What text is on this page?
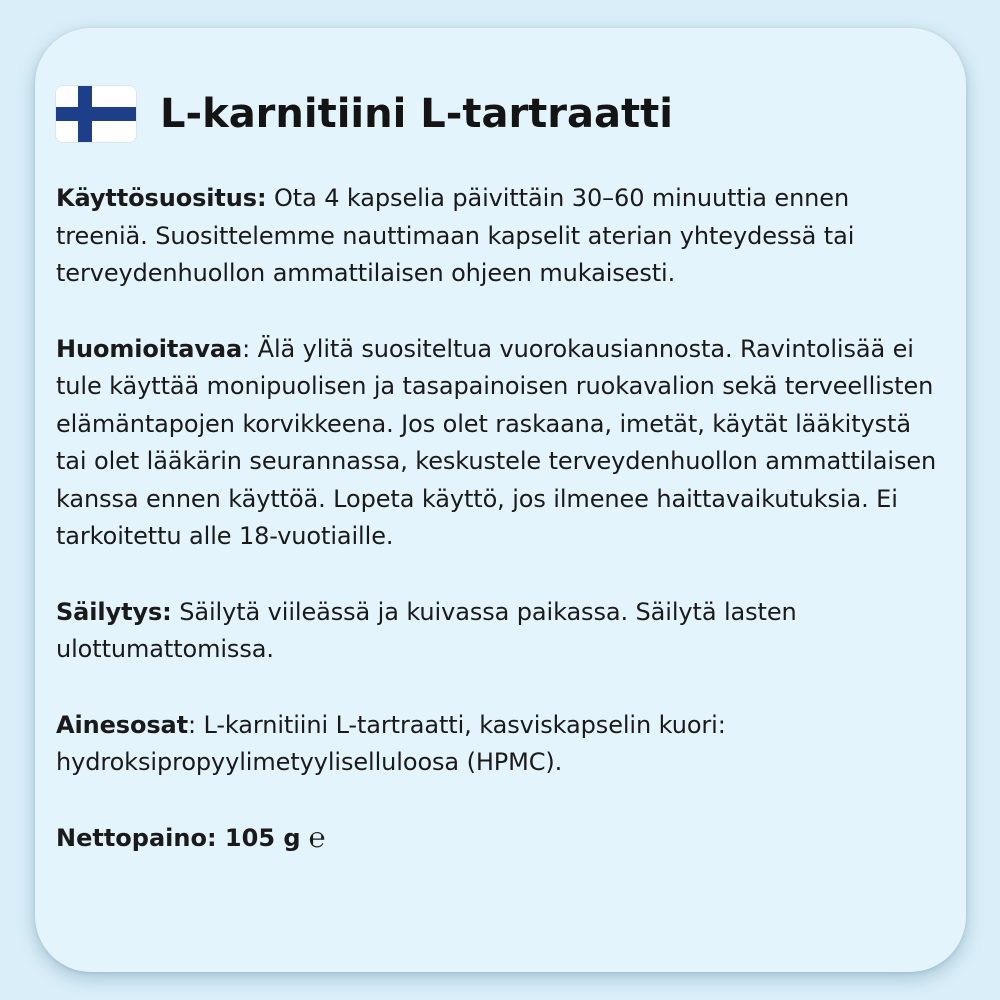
L-karnitiini L-tartraatti

Käyttösuositus: Ota 4 kapselia päivittäin 30–60 minuuttia ennen treeniä. Suosittelemme nauttimaan kapselit aterian yhteydessä tai terveydenhuollon ammattilaisen ohjeen mukaisesti.

Huomioitavaa: Älä ylitä suositeltua vuorokausiannosta. Ravintolisää ei tule käyttää monipuolisen ja tasapainoisen ruokavalion sekä terveellisten elämäntapojen korvikkeena. Jos olet raskaana, imetät, käytät lääkitystä tai olet lääkärin seurannassa, keskustele terveydenhuollon ammattilaisen kanssa ennen käyttöä. Lopeta käyttö, jos ilmenee haittavaikutuksia. Ei tarkoitettu alle 18-vuotiaille.

Säilytys: Säilytä viileässä ja kuivassa paikassa. Säilytä lasten ulottumattomissa.

Ainesosat: L-karnitiini L-tartraatti, kasviskapselin kuori: hydroksipropyylimetyyliselluloosa (HPMC).

Nettopaino: 105 g ℮
